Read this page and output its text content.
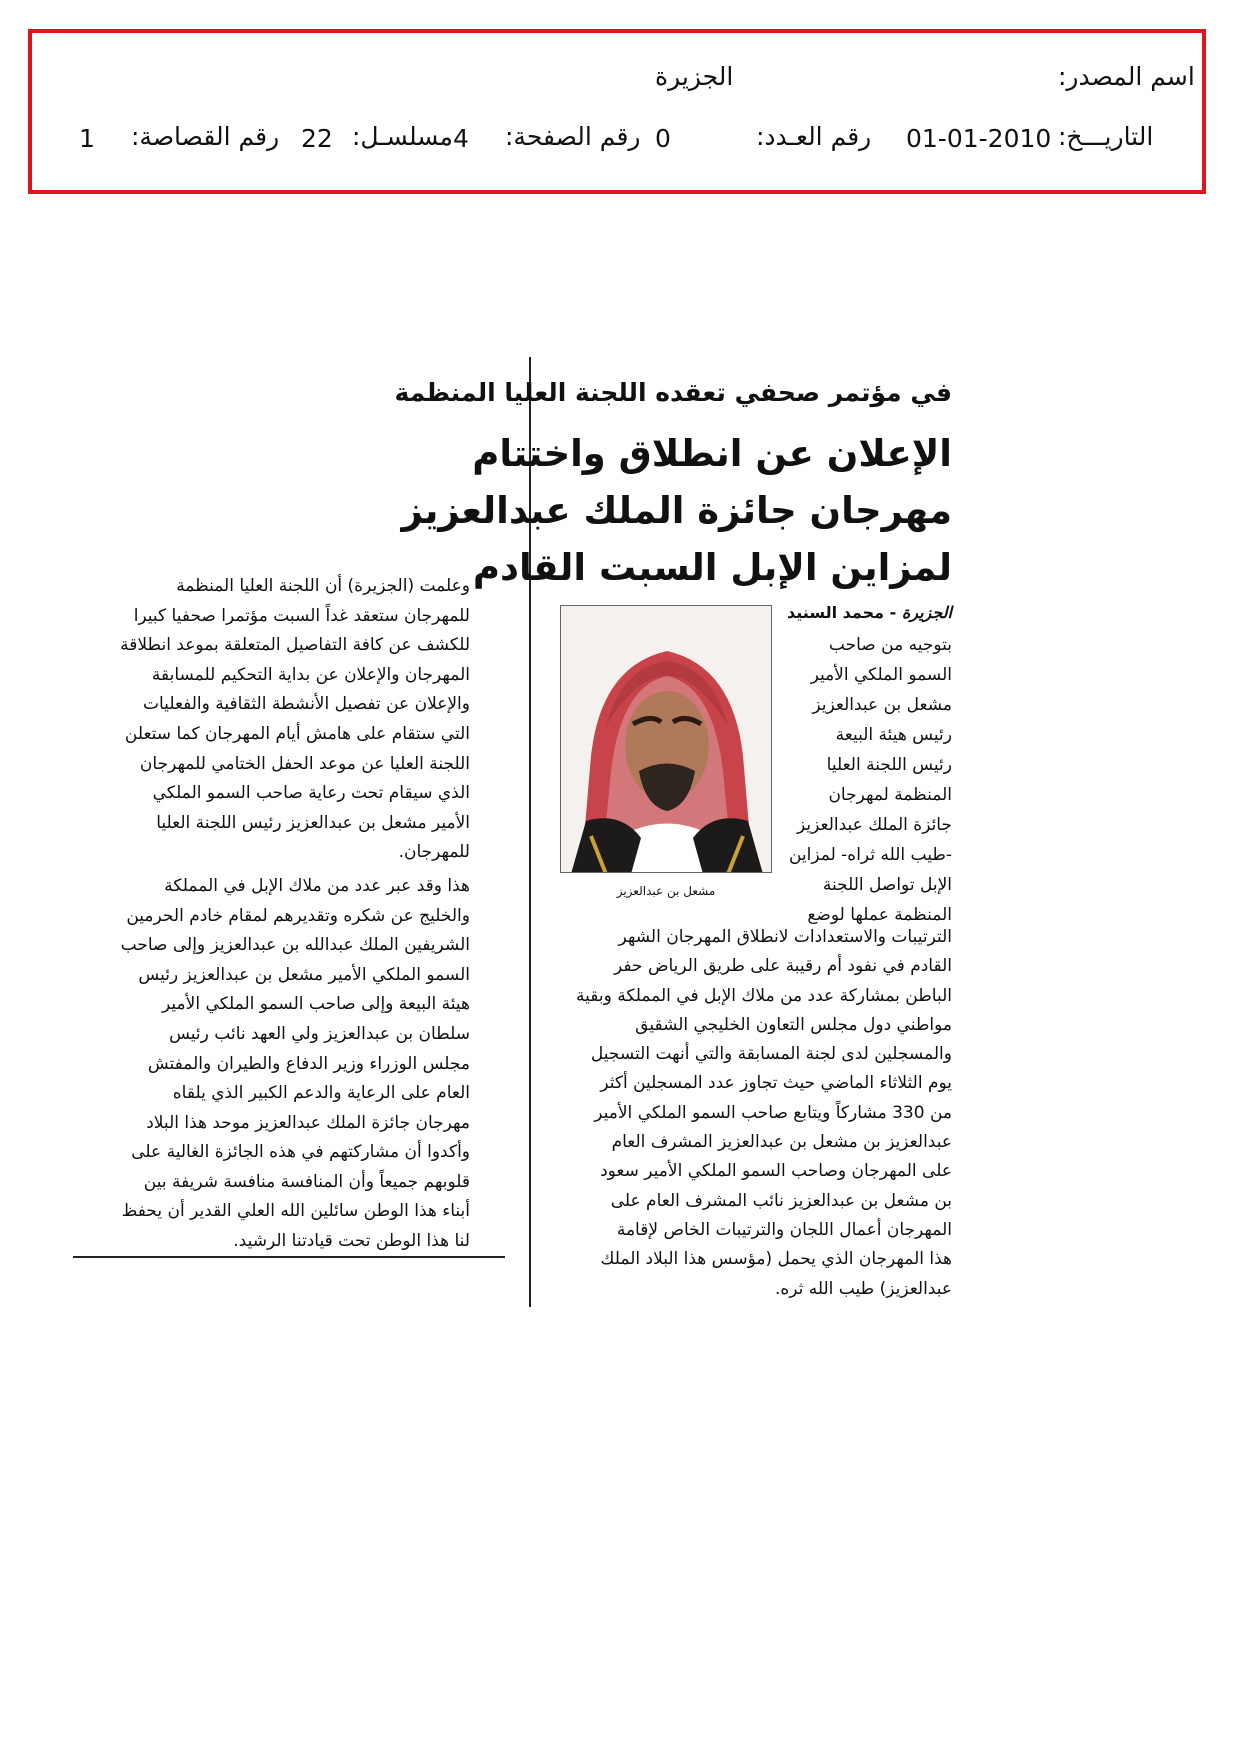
اسم المصدر:
الجزيرة
التاريـــخ:
01-01-2010
رقم العـدد:
0
رقم الصفحة:
4
مسلسـل:
22
رقم القصاصة:
1
في مؤتمر صحفي تعقده اللجنة العليا المنظمة
الإعلان عن انطلاق واختتام
مهرجان جائزة الملك عبدالعزيز
لمزاين الإبل السبت القادم
الجزيرة - محمد السنيد
مشعل بن عبدالعزيز
بتوجيه من صاحب
السمو الملكي الأمير
مشعل بن عبدالعزيز
رئيس هيئة البيعة
رئيس اللجنة العليا
المنظمة لمهرجان
جائزة الملك عبدالعزيز
-طيب الله ثراه- لمزاين
الإبل تواصل اللجنة
المنظمة عملها لوضع
الترتيبات والاستعدادات لانطلاق المهرجان الشهر
القادم في نفود أم رقيبة على طريق الرياض حفر
الباطن بمشاركة عدد من ملاك الإبل في المملكة وبقية
مواطني دول مجلس التعاون الخليجي الشقيق
والمسجلين لدى لجنة المسابقة والتي أنهت التسجيل
يوم الثلاثاء الماضي حيث تجاوز عدد المسجلين أكثر
من 330 مشاركاً ويتابع صاحب السمو الملكي الأمير
عبدالعزيز بن مشعل بن عبدالعزيز المشرف العام
على المهرجان وصاحب السمو الملكي الأمير سعود
بن مشعل بن عبدالعزيز نائب المشرف العام على
المهرجان أعمال اللجان والترتيبات الخاص لإقامة
هذا المهرجان الذي يحمل (مؤسس هذا البلاد الملك
عبدالعزيز) طيب الله ثره.
وعلمت (الجزيرة) أن اللجنة العليا المنظمة
للمهرجان ستعقد غداً السبت مؤتمرا صحفيا كبيرا
للكشف عن كافة التفاصيل المتعلقة بموعد انطلاقة
المهرجان والإعلان عن بداية التحكيم للمسابقة
والإعلان عن تفصيل الأنشطة الثقافية والفعليات
التي ستقام على هامش أيام المهرجان كما ستعلن
اللجنة العليا عن موعد الحفل الختامي للمهرجان
الذي سيقام تحت رعاية صاحب السمو الملكي
الأمير مشعل بن عبدالعزيز رئيس اللجنة العليا
للمهرجان.
هذا وقد عبر عدد من ملاك الإبل في المملكة
والخليج عن شكره وتقديرهم لمقام خادم الحرمين
الشريفين الملك عبدالله بن عبدالعزيز وإلى صاحب
السمو الملكي الأمير مشعل بن عبدالعزيز رئيس
هيئة البيعة وإلى صاحب السمو الملكي الأمير
سلطان بن عبدالعزيز ولي العهد نائب رئيس
مجلس الوزراء وزير الدفاع والطيران والمفتش
العام على الرعاية والدعم الكبير الذي يلقاه
مهرجان جائزة الملك عبدالعزيز موحد هذا البلاد
وأكدوا أن مشاركتهم في هذه الجائزة الغالية على
قلوبهم جميعاً وأن المنافسة منافسة شريفة بين
أبناء هذا الوطن سائلين الله العلي القدير أن يحفظ
لنا هذا الوطن تحت قيادتنا الرشيد.
